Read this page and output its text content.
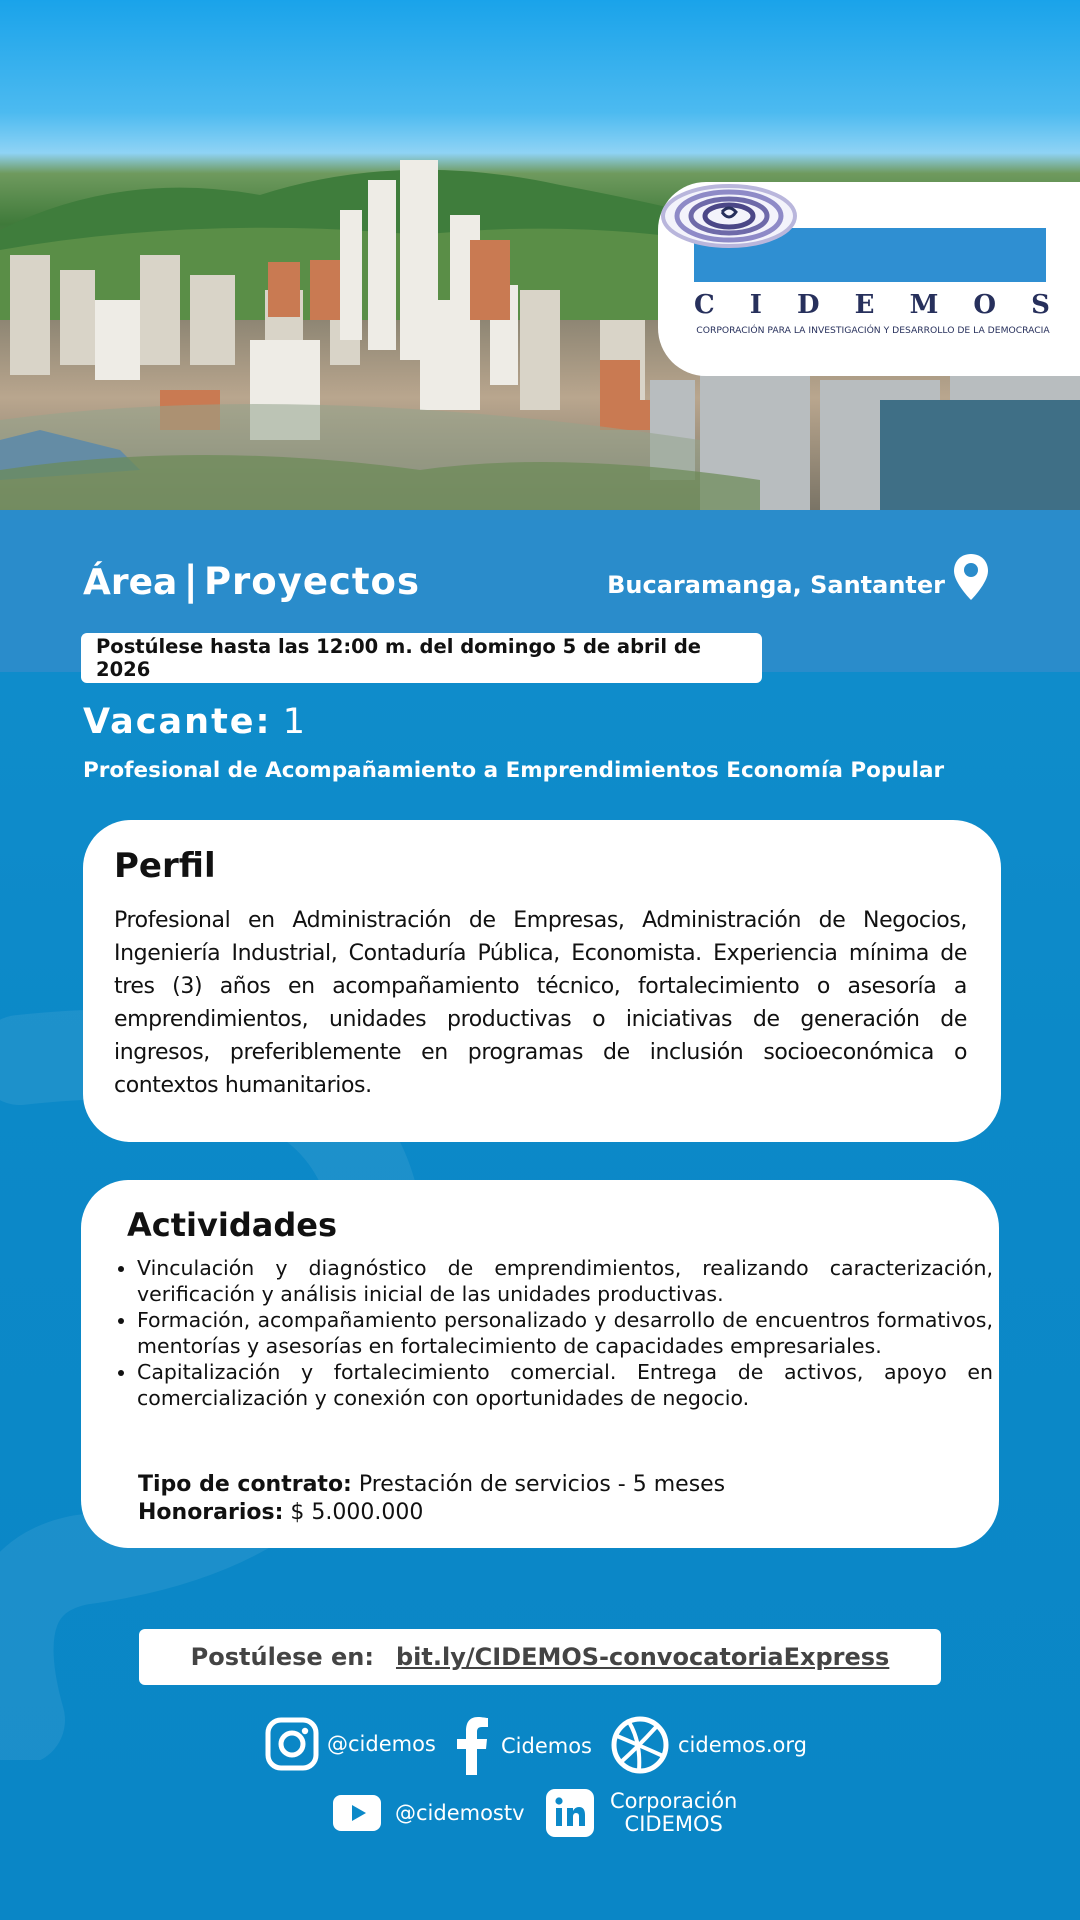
C I D E M O S
CORPORACIÓN PARA LA INVESTIGACIÓN Y DESARROLLO DE LA DEMOCRACIA
Área | Proyectos	Bucaramanga, Santanter
Postúlese hasta las 12:00 m. del domingo 5 de abril de 2026
Vacante: 1
Profesional de Acompañamiento a Emprendimientos Economía Popular
Perfil

Profesional en Administración de Empresas, Administración de Negocios, Ingeniería Industrial, Contaduría Pública, Economista. Experiencia mínima de tres (3) años en acompañamiento técnico, fortalecimiento o asesoría a emprendimientos, unidades productivas o iniciativas de generación de ingresos, preferiblemente en programas de inclusión socioeconómica o contextos humanitarios.

Actividades
• Vinculación y diagnóstico de emprendimientos, realizando caracterización, verificación y análisis inicial de las unidades productivas.
• Formación, acompañamiento personalizado y desarrollo de encuentros formativos, mentorías y asesorías en fortalecimiento de capacidades empresariales.
• Capitalización y fortalecimiento comercial. Entrega de activos, apoyo en comercialización y conexión con oportunidades de negocio.
Tipo de contrato: Prestación de servicios - 5 meses
Honorarios: $ 5.000.000
Postúlese en: bit.ly/CIDEMOS-convocatoriaExpress
@cidemos	Cidemos	cidemos.org
@cidemostv	Corporación
CIDEMOS
